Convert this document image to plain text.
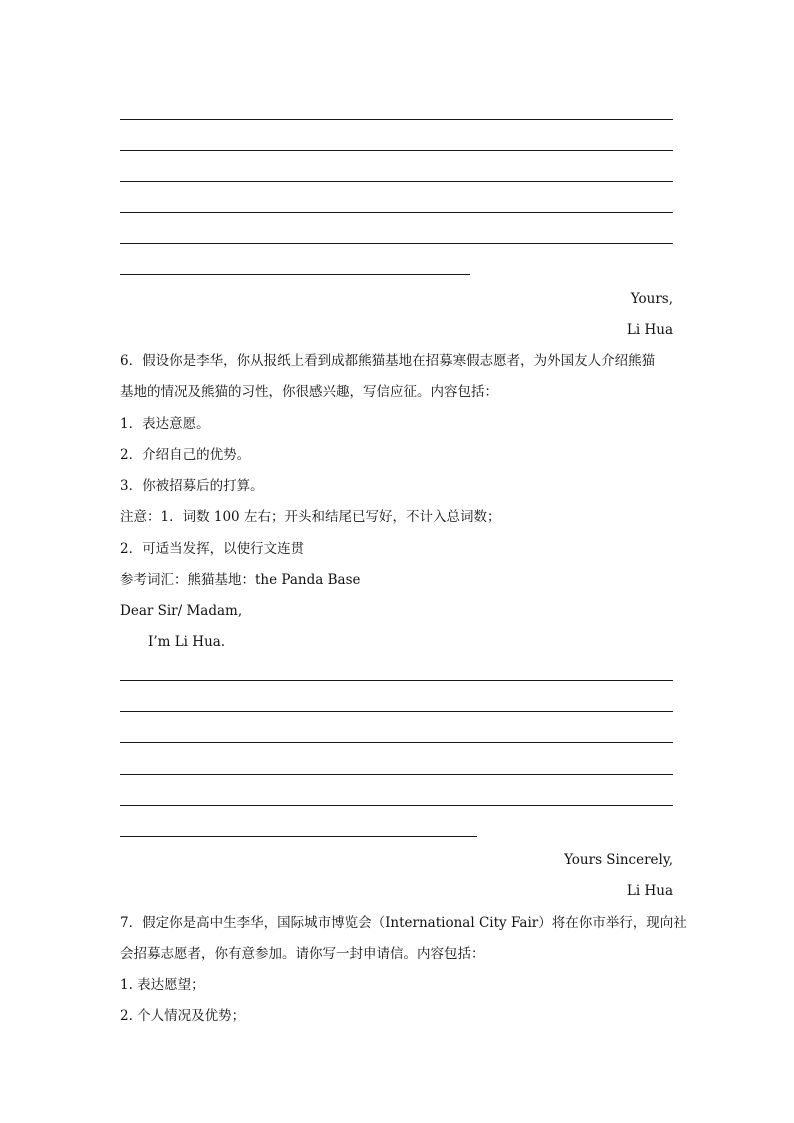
Yours,
Li Hua
6．假设你是李华，你从报纸上看到成都熊猫基地在招募寒假志愿者，为外国友人介绍熊猫
基地的情况及熊猫的习性，你很感兴趣，写信应征。内容包括：
1．表达意愿。
2．介绍自己的优势。
3．你被招募后的打算。
注意：1．词数 100 左右；开头和结尾已写好，不计入总词数；
2．可适当发挥，以使行文连贯
参考词汇：熊猫基地：the Panda Base
Dear Sir/ Madam,
I’m Li Hua.
Yours Sincerely,
Li Hua
7．假定你是高中生李华，国际城市博览会（International City Fair）将在你市举行，现向社
会招募志愿者，你有意参加。请你写一封申请信。内容包括：
1. 表达愿望；
2. 个人情况及优势；
